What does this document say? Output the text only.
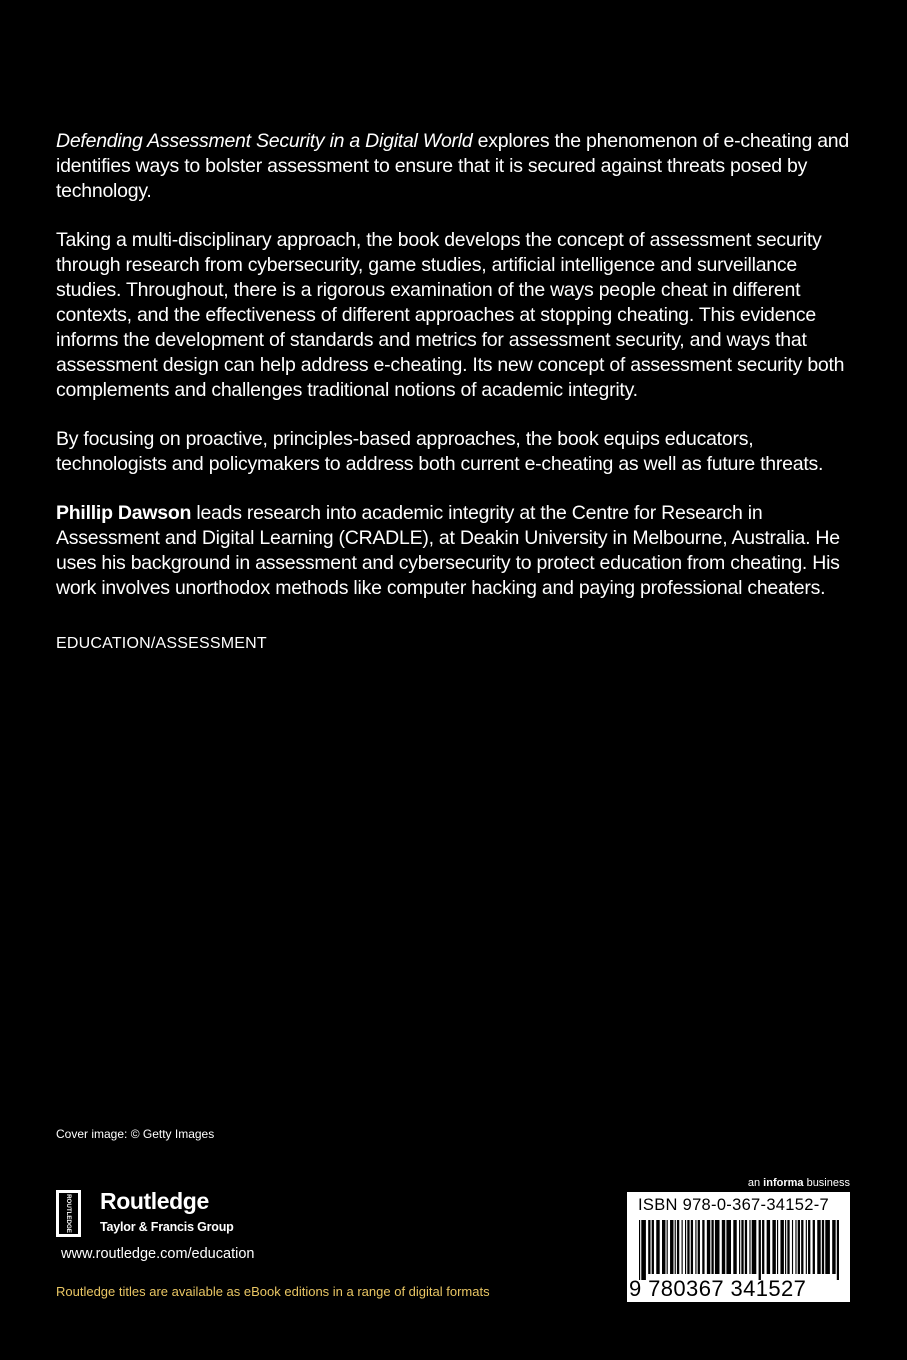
Defending Assessment Security in a Digital World explores the phenomenon of e-cheating and identifies ways to bolster assessment to ensure that it is secured against threats posed by technology.

Taking a multi-disciplinary approach, the book develops the concept of assessment security through research from cybersecurity, game studies, artificial intelligence and surveillance studies. Throughout, there is a rigorous examination of the ways people cheat in different contexts, and the effectiveness of different approaches at stopping cheating. This evidence informs the development of standards and metrics for assessment security, and ways that assessment design can help address e-cheating. Its new concept of assessment security both complements and challenges traditional notions of academic integrity.

By focusing on proactive, principles-based approaches, the book equips educators, technologists and policymakers to address both current e-cheating as well as future threats.

Phillip Dawson leads research into academic integrity at the Centre for Research in Assessment and Digital Learning (CRADLE), at Deakin University in Melbourne, Australia. He uses his background in assessment and cybersecurity to protect education from cheating. His work involves unorthodox methods like computer hacking and paying professional cheaters.

EDUCATION/ASSESSMENT

Cover image: © Getty Images
ROUTLEDGE Routledge
Taylor & Francis Group
www.routledge.com/education
Routledge titles are available as eBook editions in a range of digital formats
an informa business
ISBN 978-0-367-34152-7
9 780367 341527
